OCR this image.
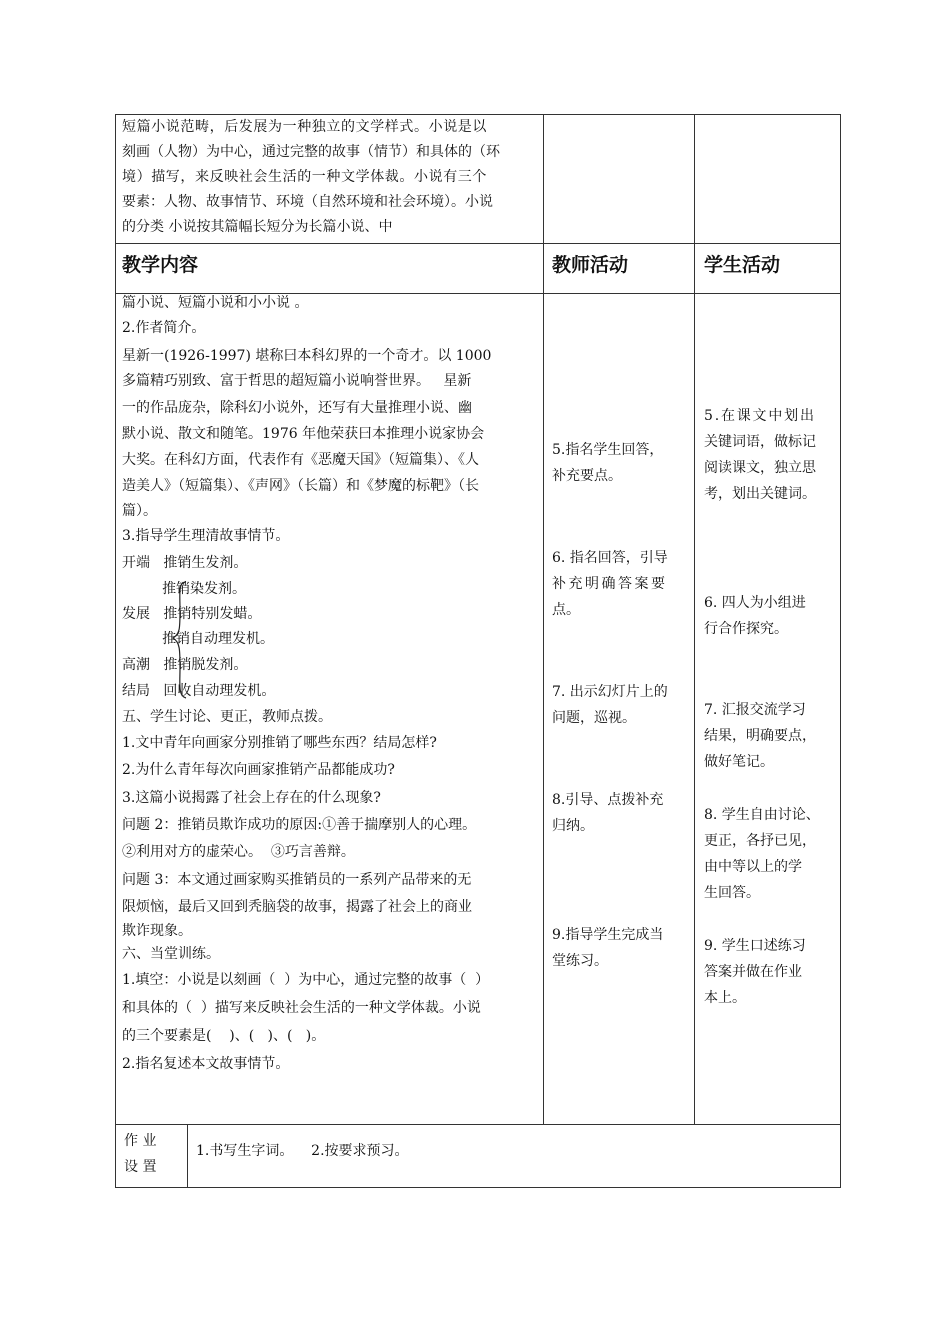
短篇小说范畴，后发展为一种独立的文学样式。小说是以

刻画（人物）为中心，通过完整的故事（情节）和具体的（环

境）描写，来反映社会生活的一种文学体裁。小说有三个

要素：人物、故事情节、环境（自然环境和社会环境）。小说

的分类 小说按其篇幅长短分为长篇小说、中

教学内容	教师活动	学生活动

篇小说、短篇小说和小小说 。

2.作者简介。

星新一(1926-1997) 堪称曰本科幻界的一个奇才。以 1000

多篇精巧别致、富于哲思的超短篇小说响誉世界。   星新

一的作品庞杂，除科幻小说外，还写有大量推理小说、幽

默小说、散文和随笔。1976 年他荣获曰本推理小说家协会

大奖。在科幻方面，代表作有《恶魔天国》（短篇集）、《人

造美人》（短篇集）、《声网》（长篇）和《梦魔的标靶》（长

篇）。

3.指导学生理清故事情节。

开端   推销生发剂。

推销染发剂。

发展   推销特别发蜡。

推销自动理发机。

高潮   推销脱发剂。

结局   回收自动理发机。

五、学生讨论、更正，教师点拨。

1.文中青年向画家分别推销了哪些东西？结局怎样?

2.为什么青年每次向画家推销产品都能成功?

3.这篇小说揭露了社会上存在的什么现象?

问题 2：推销员欺诈成功的原因:①善于揣摩别人的心理。

②利用对方的虚荣心。  ③巧言善辩。

问题 3：本文通过画家购买推销员的一系列产品带来的无

限烦恼，最后又回到秃脑袋的故事，揭露了社会上的商业

欺诈现象。

六、当堂训练。

1.填空：小说是以刻画（  ）为中心，通过完整的故事（  ）

和具体的（  ）描写来反映社会生活的一种文学体裁。小说

的三个要素是(    )、(   )、(   )。

2.指名复述本文故事情节。

5.指名学生回答，

补充要点。

6. 指名回答，引导

补充明确答案要

点。

7. 出示幻灯片上的

问题，巡视。

8.引导、点拨补充

归纳。

9.指导学生完成当

堂练习。

5.在课文中划出

关键词语，做标记

阅读课文，独立思

考，划出关键词。

6. 四人为小组进

行合作探究。

7. 汇报交流学习

结果，明确要点，

做好笔记。

8. 学生自由讨论、

更正，各抒已见，

由中等以上的学

生回答。

9. 学生口述练习

答案并做在作业

本上。

作 业

设 置

1.书写生字词。    2.按要求预习。
